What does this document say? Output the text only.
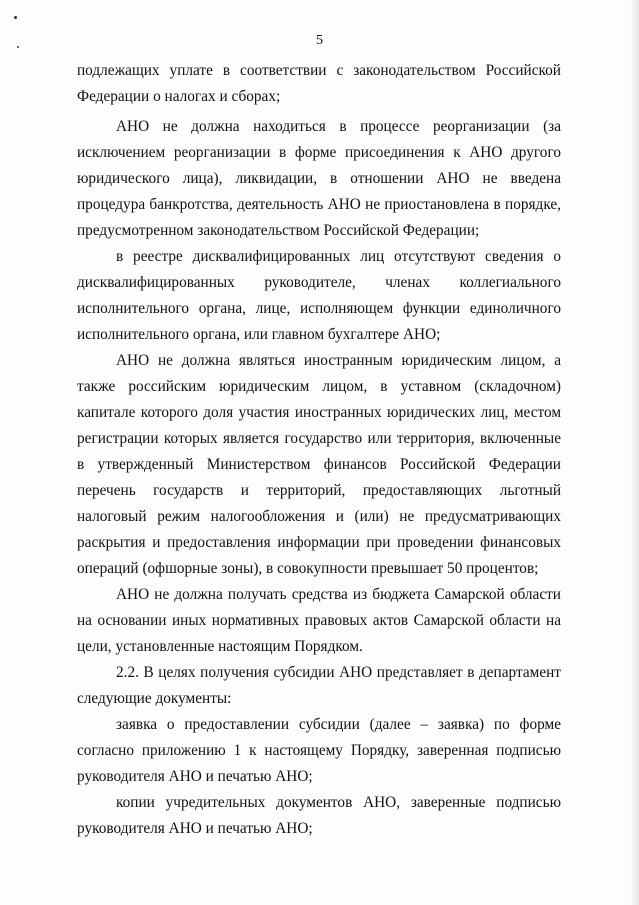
5

подлежащих уплате в соответствии с законодательством Российской Федерации о налогах и сборах;

АНО не должна находиться в процессе реорганизации (за исключением реорганизации в форме присоединения к АНО другого юридического лица), ликвидации, в отношении АНО не введена процедура банкротства, деятельность АНО не приостановлена в порядке, предусмотренном законодательством Российской Федерации;

в реестре дисквалифицированных лиц отсутствуют сведения о дисквалифицированных руководителе, членах коллегиального исполнительного органа, лице, исполняющем функции единоличного исполнительного органа, или главном бухгалтере АНО;

АНО не должна являться иностранным юридическим лицом, а также российским юридическим лицом, в уставном (складочном) капитале которого доля участия иностранных юридических лиц, местом регистрации которых является государство или территория, включенные в утвержденный Министерством финансов Российской Федерации перечень государств и территорий, предоставляющих льготный налоговый режим налогообложения и (или) не предусматривающих раскрытия и предоставления информации при проведении финансовых операций (офшорные зоны), в совокупности превышает 50 процентов;

АНО не должна получать средства из бюджета Самарской области на основании иных нормативных правовых актов Самарской области на цели, установленные настоящим Порядком.

2.2. В целях получения субсидии АНО представляет в департамент следующие документы:

заявка о предоставлении субсидии (далее – заявка) по форме согласно приложению 1 к настоящему Порядку, заверенная подписью руководителя АНО и печатью АНО;

копии учредительных документов АНО, заверенные подписью руководителя АНО и печатью АНО;
